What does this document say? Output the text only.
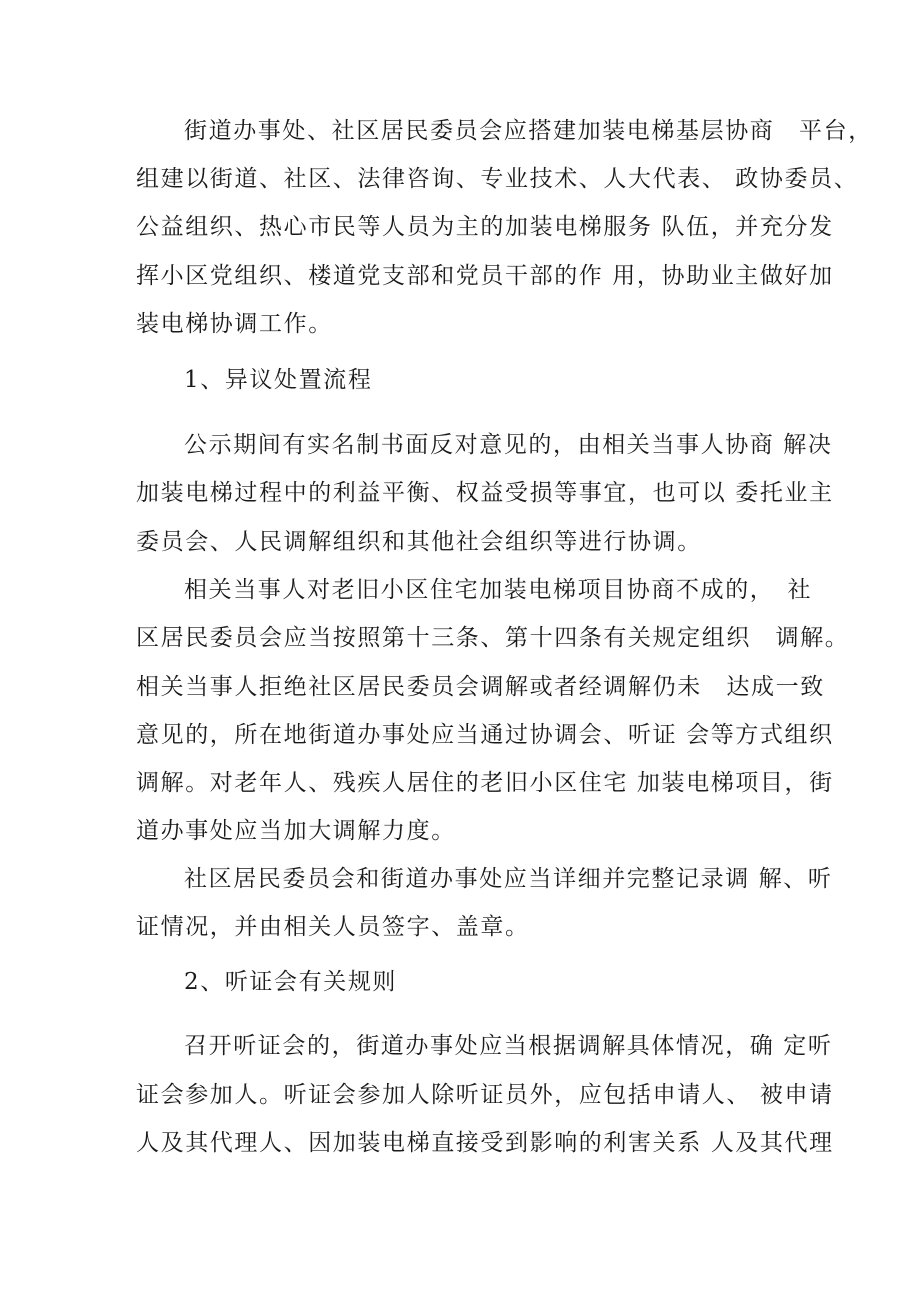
街道办事处、社区居民委员会应搭建加装电梯基层协商　平台，
组建以街道、社区、法律咨询、专业技术、人大代表、 政协委员、
公益组织、热心市民等人员为主的加装电梯服务 队伍，并充分发
挥小区党组织、楼道党支部和党员干部的作 用，协助业主做好加
装电梯协调工作。
1、异议处置流程
公示期间有实名制书面反对意见的，由相关当事人协商 解决
加装电梯过程中的利益平衡、权益受损等事宜，也可以 委托业主
委员会、人民调解组织和其他社会组织等进行协调。
相关当事人对老旧小区住宅加装电梯项目协商不成的，　社
区居民委员会应当按照第十三条、第十四条有关规定组织　调解。
相关当事人拒绝社区居民委员会调解或者经调解仍未　达成一致
意见的，所在地街道办事处应当通过协调会、听证 会等方式组织
调解。对老年人、残疾人居住的老旧小区住宅 加装电梯项目，街
道办事处应当加大调解力度。
社区居民委员会和街道办事处应当详细并完整记录调 解、听
证情况，并由相关人员签字、盖章。
2、听证会有关规则
召开听证会的，街道办事处应当根据调解具体情况，确 定听
证会参加人。听证会参加人除听证员外，应包括申请人、 被申请
人及其代理人、因加装电梯直接受到影响的利害关系 人及其代理
